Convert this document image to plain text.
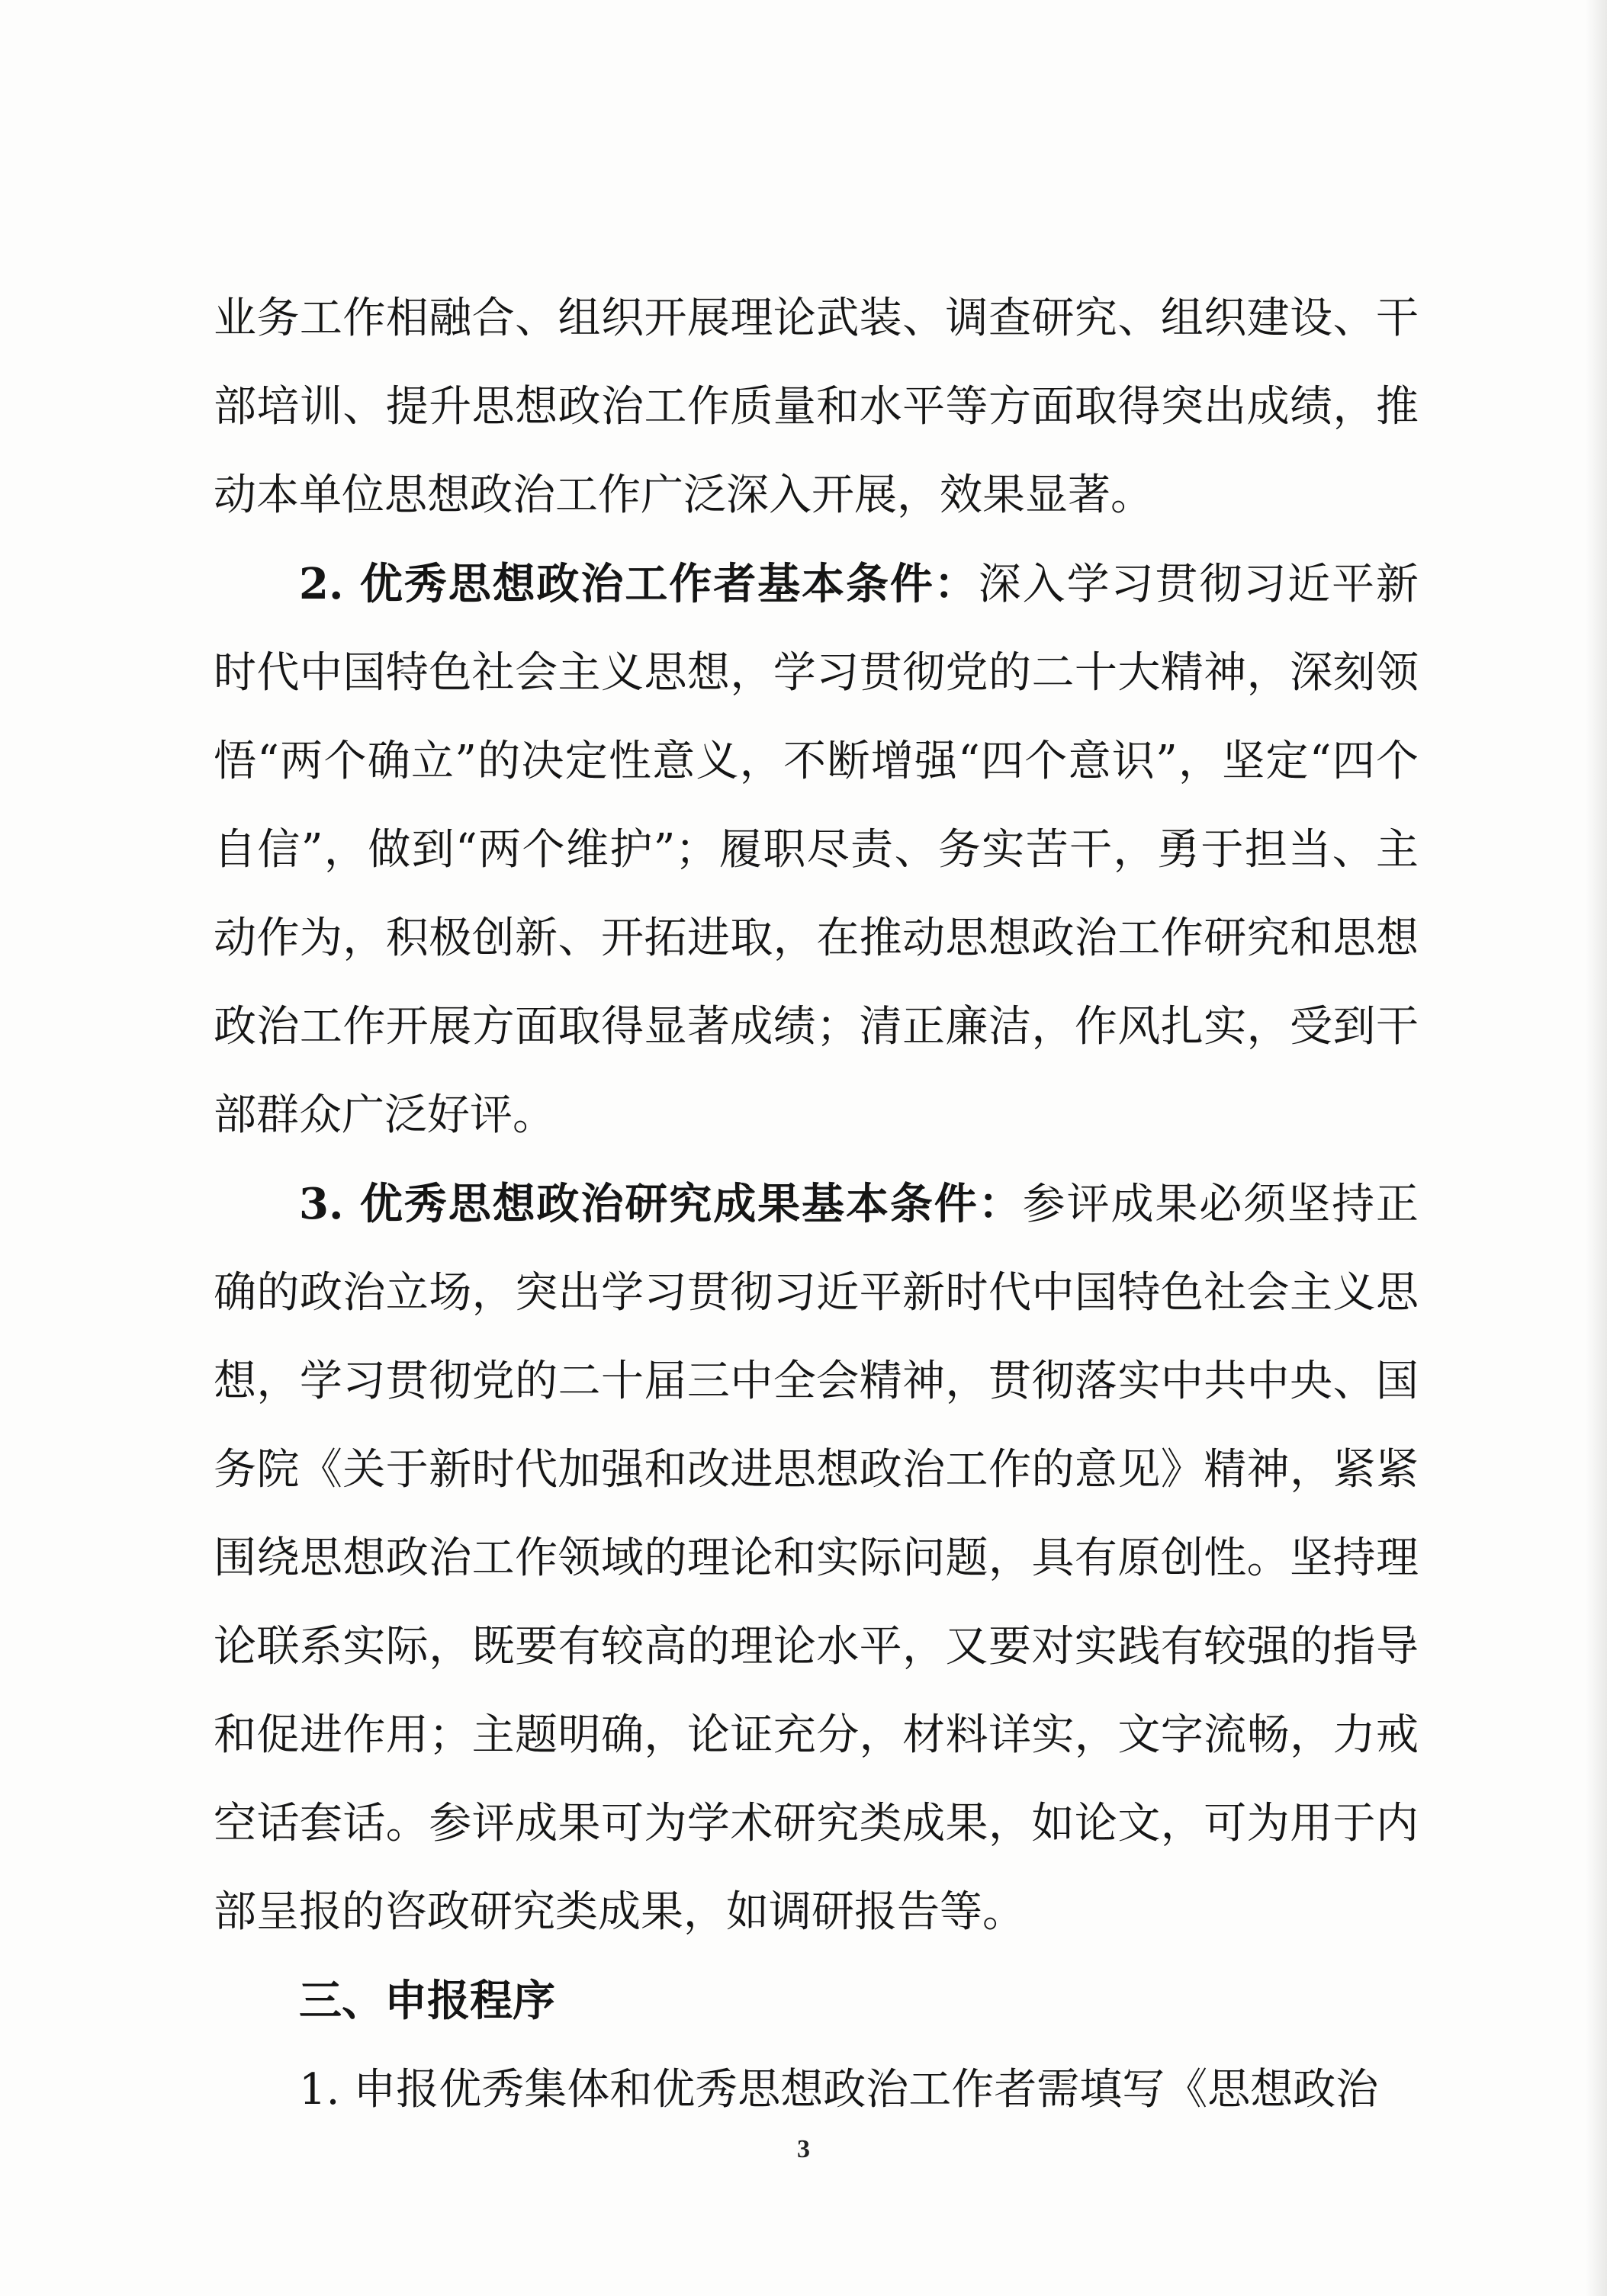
业务工作相融合、组织开展理论武装、调查研究、组织建设、干部培训、提升思想政治工作质量和水平等方面取得突出成绩，推动本单位思想政治工作广泛深入开展，效果显著。

2. 优秀思想政治工作者基本条件：深入学习贯彻习近平新时代中国特色社会主义思想，学习贯彻党的二十大精神，深刻领悟“两个确立”的决定性意义，不断增强“四个意识”，坚定“四个自信”，做到“两个维护”；履职尽责、务实苦干，勇于担当、主动作为，积极创新、开拓进取，在推动思想政治工作研究和思想政治工作开展方面取得显著成绩；清正廉洁，作风扎实，受到干部群众广泛好评。

3. 优秀思想政治研究成果基本条件：参评成果必须坚持正确的政治立场，突出学习贯彻习近平新时代中国特色社会主义思想，学习贯彻党的二十届三中全会精神，贯彻落实中共中央、国务院《关于新时代加强和改进思想政治工作的意见》精神，紧紧围绕思想政治工作领域的理论和实际问题，具有原创性。坚持理论联系实际，既要有较高的理论水平，又要对实践有较强的指导和促进作用；主题明确，论证充分，材料详实，文字流畅，力戒空话套话。参评成果可为学术研究类成果，如论文，可为用于内部呈报的咨政研究类成果，如调研报告等。

三、申报程序

1. 申报优秀集体和优秀思想政治工作者需填写《思想政治

3
